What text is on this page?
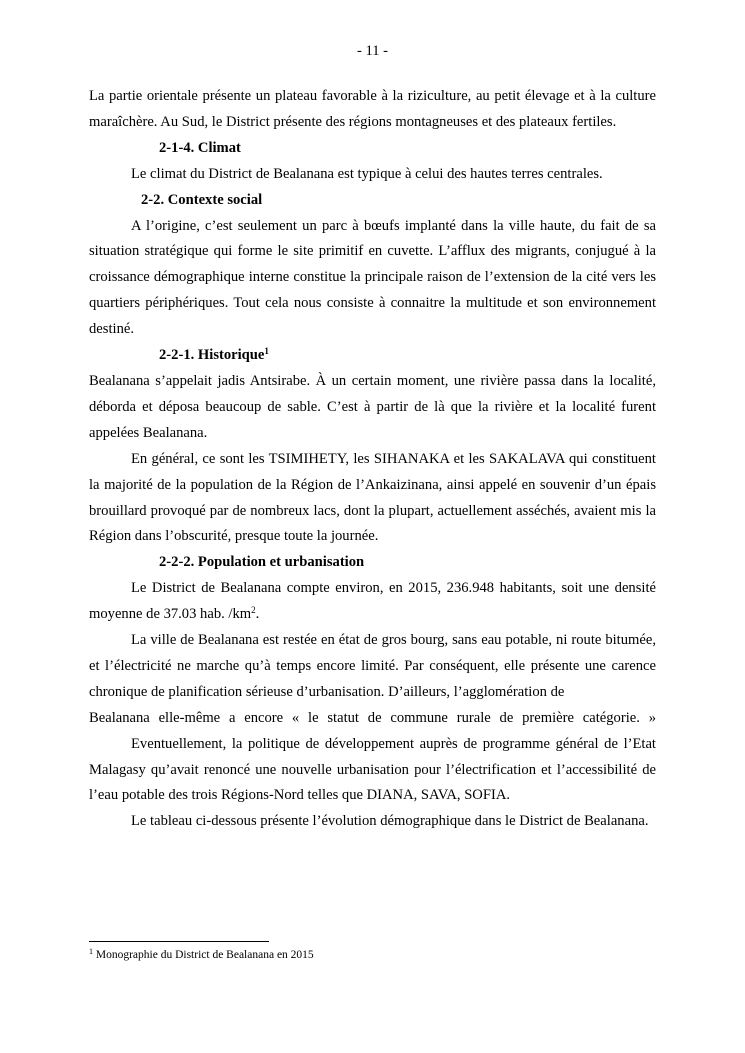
- 11 -

La partie orientale présente un plateau favorable à la riziculture, au petit élevage et à la culture maraîchère. Au Sud, le District présente des régions montagneuses et des plateaux fertiles.

2-1-4. Climat

Le climat du District de Bealanana est typique à celui des hautes terres centrales.

2-2. Contexte social

A l’origine, c’est seulement un parc à bœufs implanté dans la ville haute, du fait de sa situation stratégique qui forme le site primitif en cuvette. L’afflux des migrants, conjugué à la croissance démographique interne constitue la principale raison de l’extension de la cité vers les quartiers périphériques. Tout cela nous consiste à connaitre la multitude et son environnement destiné.

2-2-1. Historique$^1$

Bealanana s’appelait jadis Antsirabe. À un certain moment, une rivière passa dans la localité, déborda et déposa beaucoup de sable. C’est à partir de là que la rivière et la localité furent appelées Bealanana.

En général, ce sont les TSIMIHETY, les SIHANAKA et les SAKALAVA qui constituent la majorité de la population de la Région de l’Ankaizinana, ainsi appelé en souvenir d’un épais brouillard provoqué par de nombreux lacs, dont la plupart, actuellement asséchés, avaient mis la Région dans l’obscurité, presque toute la journée.

2-2-2. Population et urbanisation

Le District de Bealanana compte environ, en 2015, 236.948 habitants, soit une densité moyenne de 37.03 hab. $/km^2$.

La ville de Bealanana est restée en état de gros bourg, sans eau potable, ni route bitumée, et l’électricité ne marche qu’à temps encore limité. Par conséquent, elle présente une carence chronique de planification sérieuse d’urbanisation. D’ailleurs, l’agglomération de

Bealanana elle-même a encore « le statut de commune rurale de première catégorie. »

Eventuellement, la politique de développement auprès de programme général de l’Etat Malagasy qu’avait renoncé une nouvelle urbanisation pour l’électrification et l’accessibilité de l’eau potable des trois Régions-Nord telles que DIANA, SAVA, SOFIA.

Le tableau ci-dessous présente l’évolution démographique dans le District de Bealanana.

$^1$ Monographie du District de Bealanana en 2015
